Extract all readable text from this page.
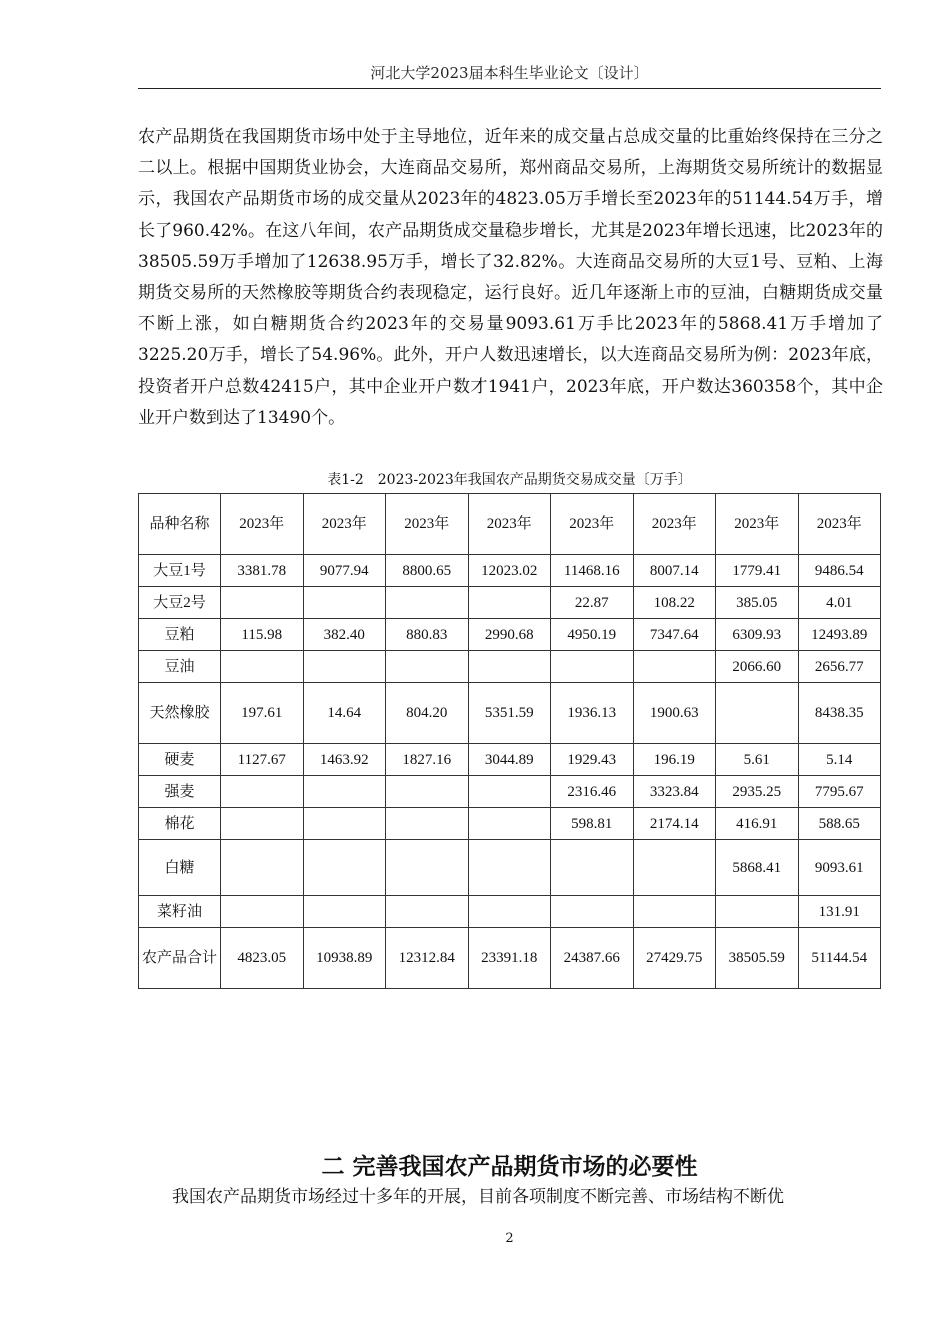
河北大学2023届本科生毕业论文〔设计〕

农产品期货在我国期货市场中处于主导地位，近年来的成交量占总成交量的比重始终保持在三分之二以上。根据中国期货业协会，大连商品交易所，郑州商品交易所，上海期货交易所统计的数据显示，我国农产品期货市场的成交量从2023年的4823.05万手增长至2023年的51144.54万手，增长了960.42%。在这八年间，农产品期货成交量稳步增长，尤其是2023年增长迅速，比2023年的38505.59万手增加了12638.95万手，增长了32.82%。大连商品交易所的大豆1号、豆粕、上海期货交易所的天然橡胶等期货合约表现稳定，运行良好。近几年逐渐上市的豆油，白糖期货成交量不断上涨，如白糖期货合约2023年的交易量9093.61万手比2023年的5868.41万手增加了3225.20万手，增长了54.96%。此外，开户人数迅速增长，以大连商品交易所为例：2023年底，投资者开户总数42415户，其中企业开户数才1941户，2023年底，开户数达360358个，其中企业开户数到达了13490个。

表1-2　2023-2023年我国农产品期货交易成交量〔万手〕
品种名称	2023年	2023年	2023年	2023年	2023年	2023年	2023年	2023年
大豆1号	3381.78	9077.94	8800.65	12023.02	11468.16	8007.14	1779.41	9486.54
大豆2号					22.87	108.22	385.05	4.01
豆粕	115.98	382.40	880.83	2990.68	4950.19	7347.64	6309.93	12493.89
豆油							2066.60	2656.77
天然橡胶	197.61	14.64	804.20	5351.59	1936.13	1900.63		8438.35
硬麦	1127.67	1463.92	1827.16	3044.89	1929.43	196.19	5.61	5.14
强麦					2316.46	3323.84	2935.25	7795.67
棉花					598.81	2174.14	416.91	588.65
白糖							5868.41	9093.61
菜籽油								131.91
农产品合计	4823.05	10938.89	12312.84	23391.18	24387.66	27429.75	38505.59	51144.54
二 完善我国农产品期货市场的必要性

我国农产品期货市场经过十多年的开展，目前各项制度不断完善、市场结构不断优

2
